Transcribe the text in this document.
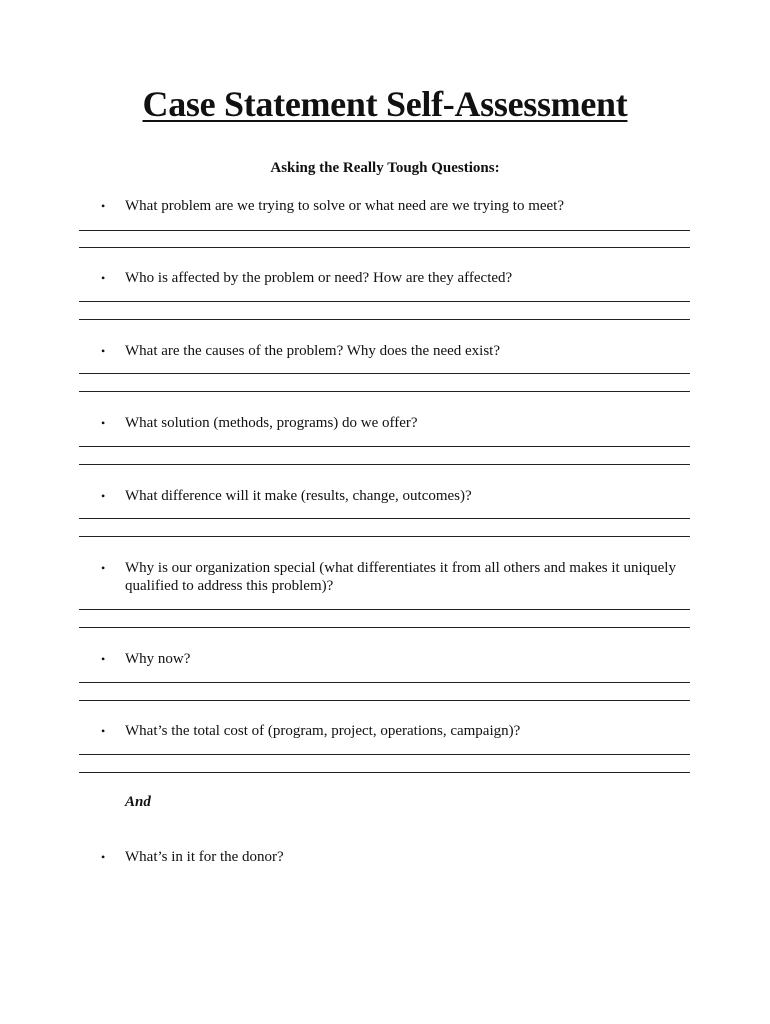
Case Statement Self-Assessment
Asking the Really Tough Questions:
• What problem are we trying to solve or what need are we trying to meet?
• Who is affected by the problem or need? How are they affected?
• What are the causes of the problem? Why does the need exist?
• What solution (methods, programs) do we offer?
• What difference will it make (results, change, outcomes)?
• Why is our organization special (what differentiates it from all others and makes it uniquely qualified to address this problem)?
• Why now?
• What’s the total cost of (program, project, operations, campaign)?
And
• What’s in it for the donor?
